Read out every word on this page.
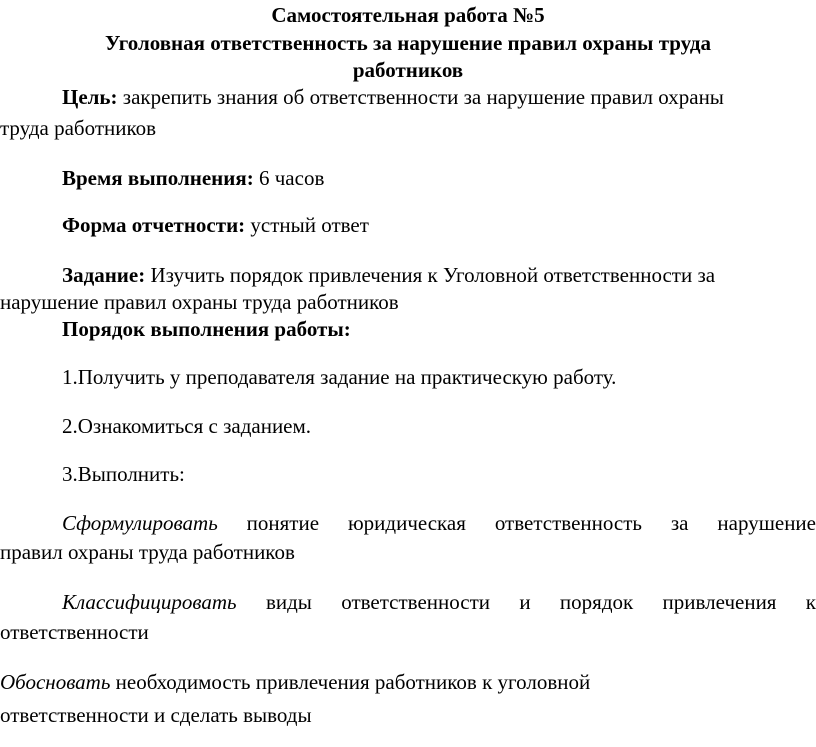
Самостоятельная работа №5
Уголовная ответственность за нарушение правил охраны труда
работников
Цель: закрепить знания об ответственности за нарушение правил охраны
труда работников
Время выполнения: 6 часов
Форма отчетности: устный ответ
Задание: Изучить порядок привлечения к Уголовной ответственности за
нарушение правил охраны труда работников
Порядок выполнения работы:
1.Получить у преподавателя задание на практическую работу.
2.Ознакомиться с заданием.
3.Выполнить:
Сформулировать понятие юридическая ответственность за нарушение
правил охраны труда работников
Классифицировать виды ответственности и порядок привлечения к
ответственности
Обосновать необходимость привлечения работников к уголовной
ответственности и сделать выводы
